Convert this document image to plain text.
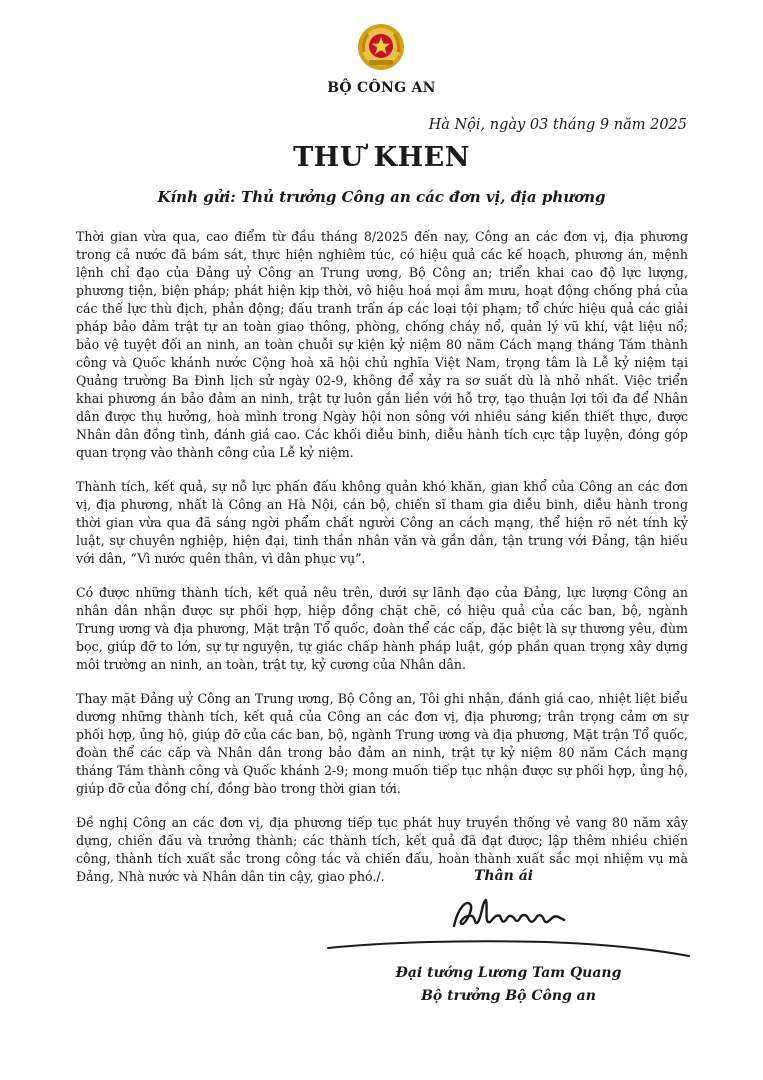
BỘ CÔNG AN
Hà Nội, ngày 03 tháng 9 năm 2025
THƯ KHEN
Kính gửi: Thủ trưởng Công an các đơn vị, địa phương

Thời gian vừa qua, cao điểm từ đầu tháng 8/2025 đến nay, Công an các đơn vị, địa phương trong cả nước đã bám sát, thực hiện nghiêm túc, có hiệu quả các kế hoạch, phương án, mệnh lệnh chỉ đạo của Đảng uỷ Công an Trung ương, Bộ Công an; triển khai cao độ lực lượng, phương tiện, biện pháp; phát hiện kịp thời, vô hiệu hoá mọi âm mưu, hoạt động chống phá của các thế lực thù địch, phản động; đấu tranh trấn áp các loại tội phạm; tổ chức hiệu quả các giải pháp bảo đảm trật tự an toàn giao thông, phòng, chống cháy nổ, quản lý vũ khí, vật liệu nổ; bảo vệ tuyệt đối an ninh, an toàn chuỗi sự kiện kỷ niệm 80 năm Cách mạng tháng Tám thành công và Quốc khánh nước Cộng hoà xã hội chủ nghĩa Việt Nam, trọng tâm là Lễ kỷ niệm tại Quảng trường Ba Đình lịch sử ngày 02-9, không để xảy ra sơ suất dù là nhỏ nhất. Việc triển khai phương án bảo đảm an ninh, trật tự luôn gắn liền với hỗ trợ, tạo thuận lợi tối đa để Nhân dân được thụ hưởng, hoà mình trong Ngày hội non sông với nhiều sáng kiến thiết thực, được Nhân dân đồng tình, đánh giá cao. Các khối diễu binh, diễu hành tích cực tập luyện, đóng góp quan trọng vào thành công của Lễ kỷ niệm.

Thành tích, kết quả, sự nỗ lực phấn đấu không quản khó khăn, gian khổ của Công an các đơn vị, địa phương, nhất là Công an Hà Nội, cán bộ, chiến sĩ tham gia diễu binh, diễu hành trong thời gian vừa qua đã sáng ngời phẩm chất người Công an cách mạng, thể hiện rõ nét tính kỷ luật, sự chuyên nghiệp, hiện đại, tinh thần nhân văn và gần dân, tận trung với Đảng, tận hiếu với dân, “Vì nước quên thân, vì dân phục vụ”.

Có được những thành tích, kết quả nêu trên, dưới sự lãnh đạo của Đảng, lực lượng Công an nhân dân nhận được sự phối hợp, hiệp đồng chặt chẽ, có hiệu quả của các ban, bộ, ngành Trung ương và địa phương, Mặt trận Tổ quốc, đoàn thể các cấp, đặc biệt là sự thương yêu, đùm bọc, giúp đỡ to lớn, sự tự nguyện, tự giác chấp hành pháp luật, góp phần quan trọng xây dựng môi trường an ninh, an toàn, trật tự, kỷ cương của Nhân dân.

Thay mặt Đảng uỷ Công an Trung ương, Bộ Công an, Tôi ghi nhận, đánh giá cao, nhiệt liệt biểu dương những thành tích, kết quả của Công an các đơn vị, địa phương; trân trọng cảm ơn sự phối hợp, ủng hộ, giúp đỡ của các ban, bộ, ngành Trung ương và địa phương, Mặt trận Tổ quốc, đoàn thể các cấp và Nhân dân trong bảo đảm an ninh, trật tự kỷ niệm 80 năm Cách mạng tháng Tám thành công và Quốc khánh 2-9; mong muốn tiếp tục nhận được sự phối hợp, ủng hộ, giúp đỡ của đồng chí, đồng bào trong thời gian tới.

Đề nghị Công an các đơn vị, địa phương tiếp tục phát huy truyền thống vẻ vang 80 năm xây dựng, chiến đấu và trưởng thành; các thành tích, kết quả đã đạt được; lập thêm nhiều chiến công, thành tích xuất sắc trong công tác và chiến đấu, hoàn thành xuất sắc mọi nhiệm vụ mà Đảng, Nhà nước và Nhân dân tin cậy, giao phó./.	Thân ái
Đại tướng Lương Tam Quang
Bộ trưởng Bộ Công an
